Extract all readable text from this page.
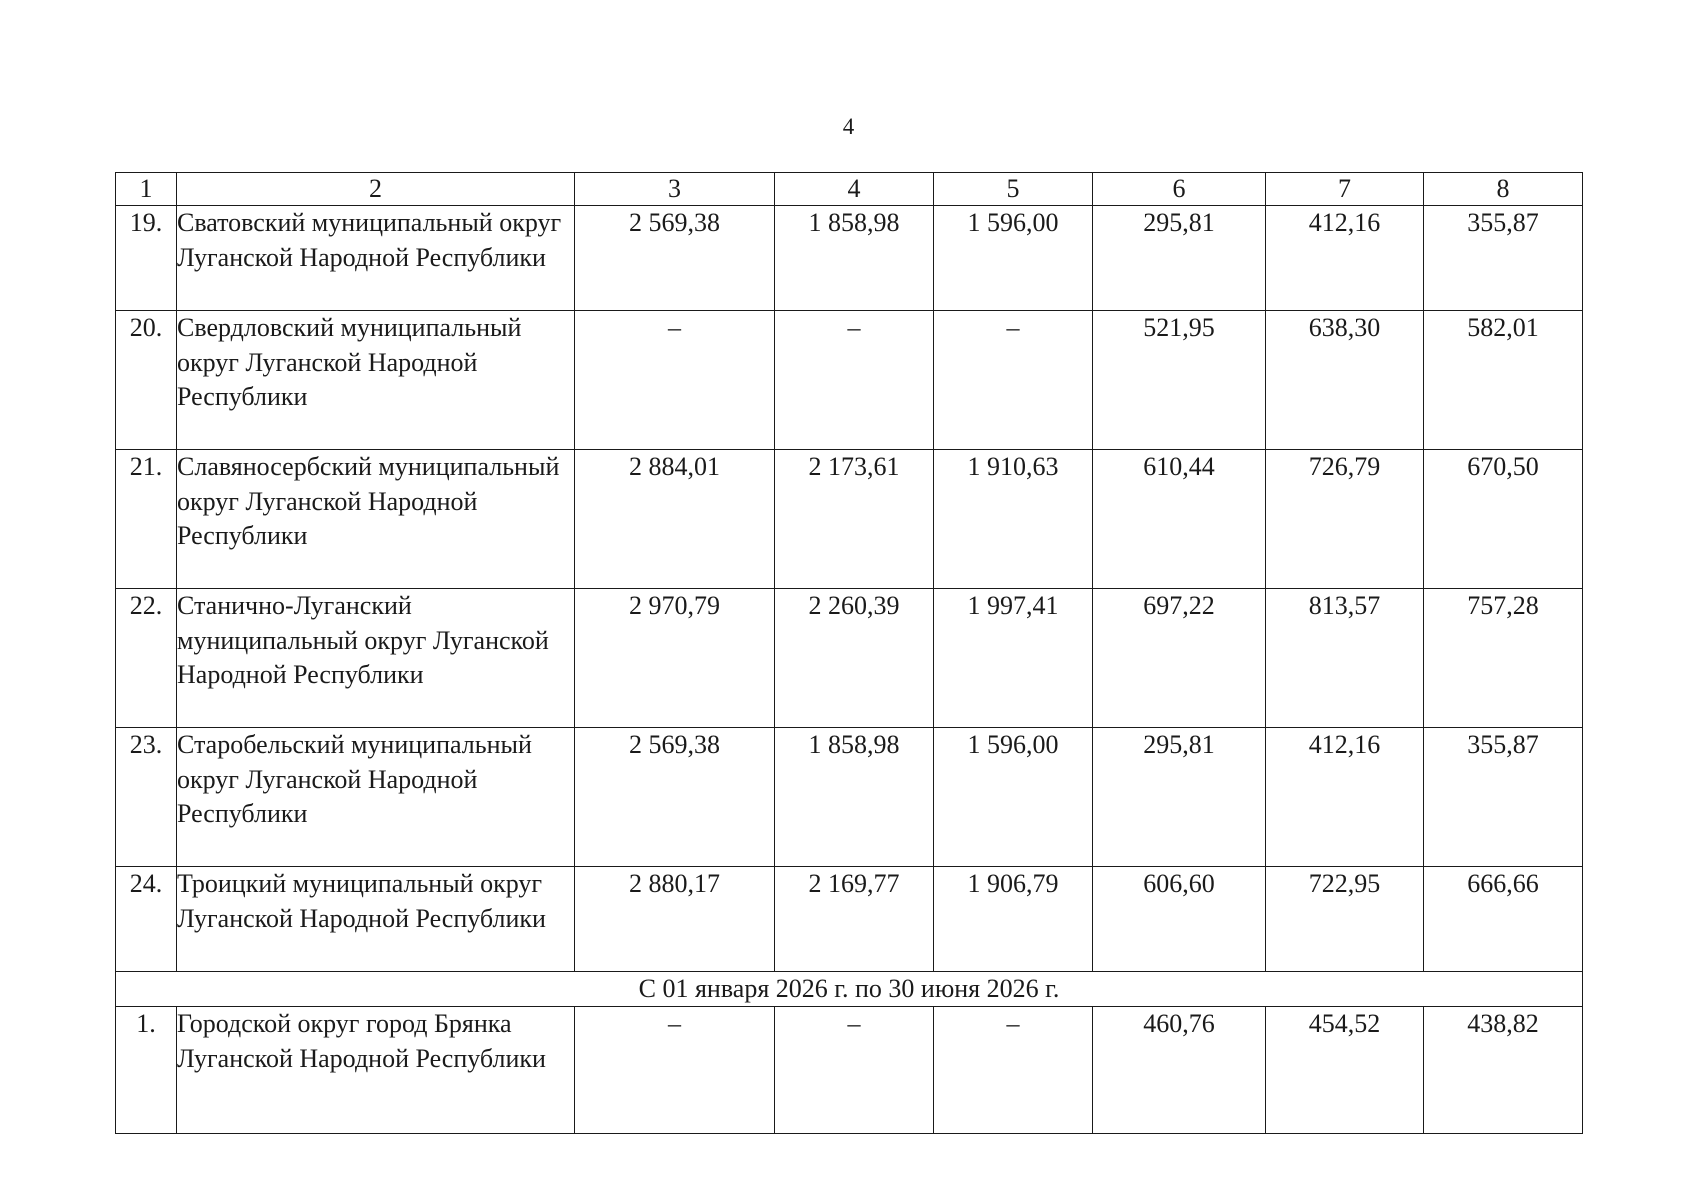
4
1	2	3	4	5	6	7	8
19.	Сватовский муниципальный округ Луганской Народной Республики	2 569,38	1 858,98	1 596,00	295,81	412,16	355,87
20.	Свердловский муниципальный округ Луганской Народной Республики	–	–	–	521,95	638,30	582,01
21.	Славяносербский муниципальный округ Луганской Народной Республики	2 884,01	2 173,61	1 910,63	610,44	726,79	670,50
22.	Станично-Луганский муниципальный округ Луганской Народной Республики	2 970,79	2 260,39	1 997,41	697,22	813,57	757,28
23.	Старобельский муниципальный округ Луганской Народной Республики	2 569,38	1 858,98	1 596,00	295,81	412,16	355,87
24.	Троицкий муниципальный округ Луганской Народной Республики	2 880,17	2 169,77	1 906,79	606,60	722,95	666,66
С 01 января 2026 г. по 30 июня 2026 г.							
1.	Городской округ город Брянка Луганской Народной Республики	–	–	–	460,76	454,52	438,82
